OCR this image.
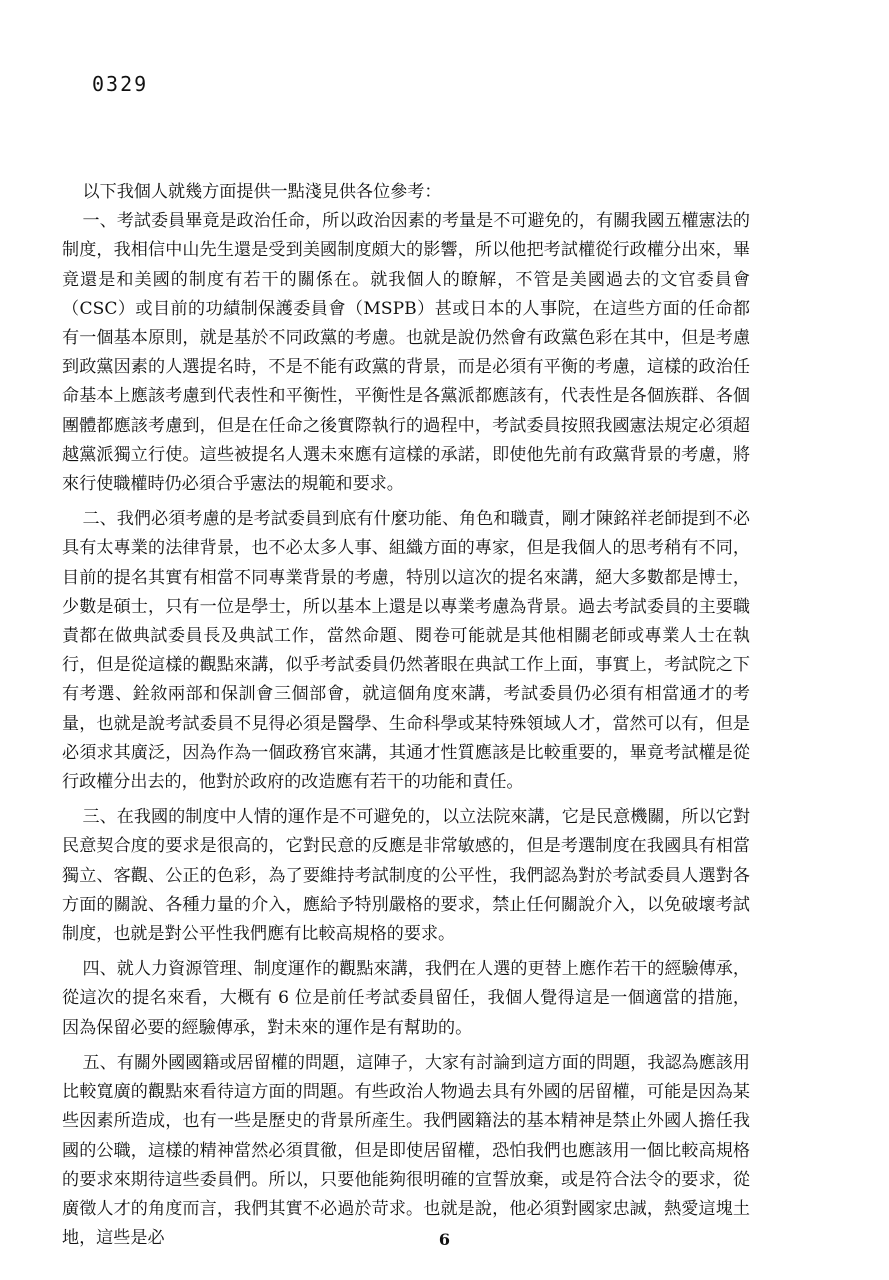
0329

以下我個人就幾方面提供一點淺見供各位參考：

一、考試委員畢竟是政治任命，所以政治因素的考量是不可避免的，有關我國五權憲法的制度，我相信中山先生還是受到美國制度頗大的影響，所以他把考試權從行政權分出來，畢竟還是和美國的制度有若干的關係在。就我個人的瞭解，不管是美國過去的文官委員會（CSC）或目前的功績制保護委員會（MSPB）甚或日本的人事院，在這些方面的任命都有一個基本原則，就是基於不同政黨的考慮。也就是說仍然會有政黨色彩在其中，但是考慮到政黨因素的人選提名時，不是不能有政黨的背景，而是必須有平衡的考慮，這樣的政治任命基本上應該考慮到代表性和平衡性，平衡性是各黨派都應該有，代表性是各個族群、各個團體都應該考慮到，但是在任命之後實際執行的過程中，考試委員按照我國憲法規定必須超越黨派獨立行使。這些被提名人選未來應有這樣的承諾，即使他先前有政黨背景的考慮，將來行使職權時仍必須合乎憲法的規範和要求。

二、我們必須考慮的是考試委員到底有什麼功能、角色和職責，剛才陳銘祥老師提到不必具有太專業的法律背景，也不必太多人事、組織方面的專家，但是我個人的思考稍有不同，目前的提名其實有相當不同專業背景的考慮，特別以這次的提名來講，絕大多數都是博士，少數是碩士，只有一位是學士，所以基本上還是以專業考慮為背景。過去考試委員的主要職責都在做典試委員長及典試工作，當然命題、閱卷可能就是其他相關老師或專業人士在執行，但是從這樣的觀點來講，似乎考試委員仍然著眼在典試工作上面，事實上，考試院之下有考選、銓敘兩部和保訓會三個部會，就這個角度來講，考試委員仍必須有相當通才的考量，也就是說考試委員不見得必須是醫學、生命科學或某特殊領域人才，當然可以有，但是必須求其廣泛，因為作為一個政務官來講，其通才性質應該是比較重要的，畢竟考試權是從行政權分出去的，他對於政府的改造應有若干的功能和責任。

三、在我國的制度中人情的運作是不可避免的，以立法院來講，它是民意機關，所以它對民意契合度的要求是很高的，它對民意的反應是非常敏感的，但是考選制度在我國具有相當獨立、客觀、公正的色彩，為了要維持考試制度的公平性，我們認為對於考試委員人選對各方面的關說、各種力量的介入，應給予特別嚴格的要求，禁止任何關說介入，以免破壞考試制度，也就是對公平性我們應有比較高規格的要求。

四、就人力資源管理、制度運作的觀點來講，我們在人選的更替上應作若干的經驗傳承，從這次的提名來看，大概有 6 位是前任考試委員留任，我個人覺得這是一個適當的措施，因為保留必要的經驗傳承，對未來的運作是有幫助的。

五、有關外國國籍或居留權的問題，這陣子，大家有討論到這方面的問題，我認為應該用比較寬廣的觀點來看待這方面的問題。有些政治人物過去具有外國的居留權，可能是因為某些因素所造成，也有一些是歷史的背景所產生。我們國籍法的基本精神是禁止外國人擔任我國的公職，這樣的精神當然必須貫徹，但是即使居留權，恐怕我們也應該用一個比較高規格的要求來期待這些委員們。所以，只要他能夠很明確的宣誓放棄，或是符合法令的要求，從廣徵人才的角度而言，我們其實不必過於苛求。也就是說，他必須對國家忠誠，熱愛這塊土地，這些是必	6
